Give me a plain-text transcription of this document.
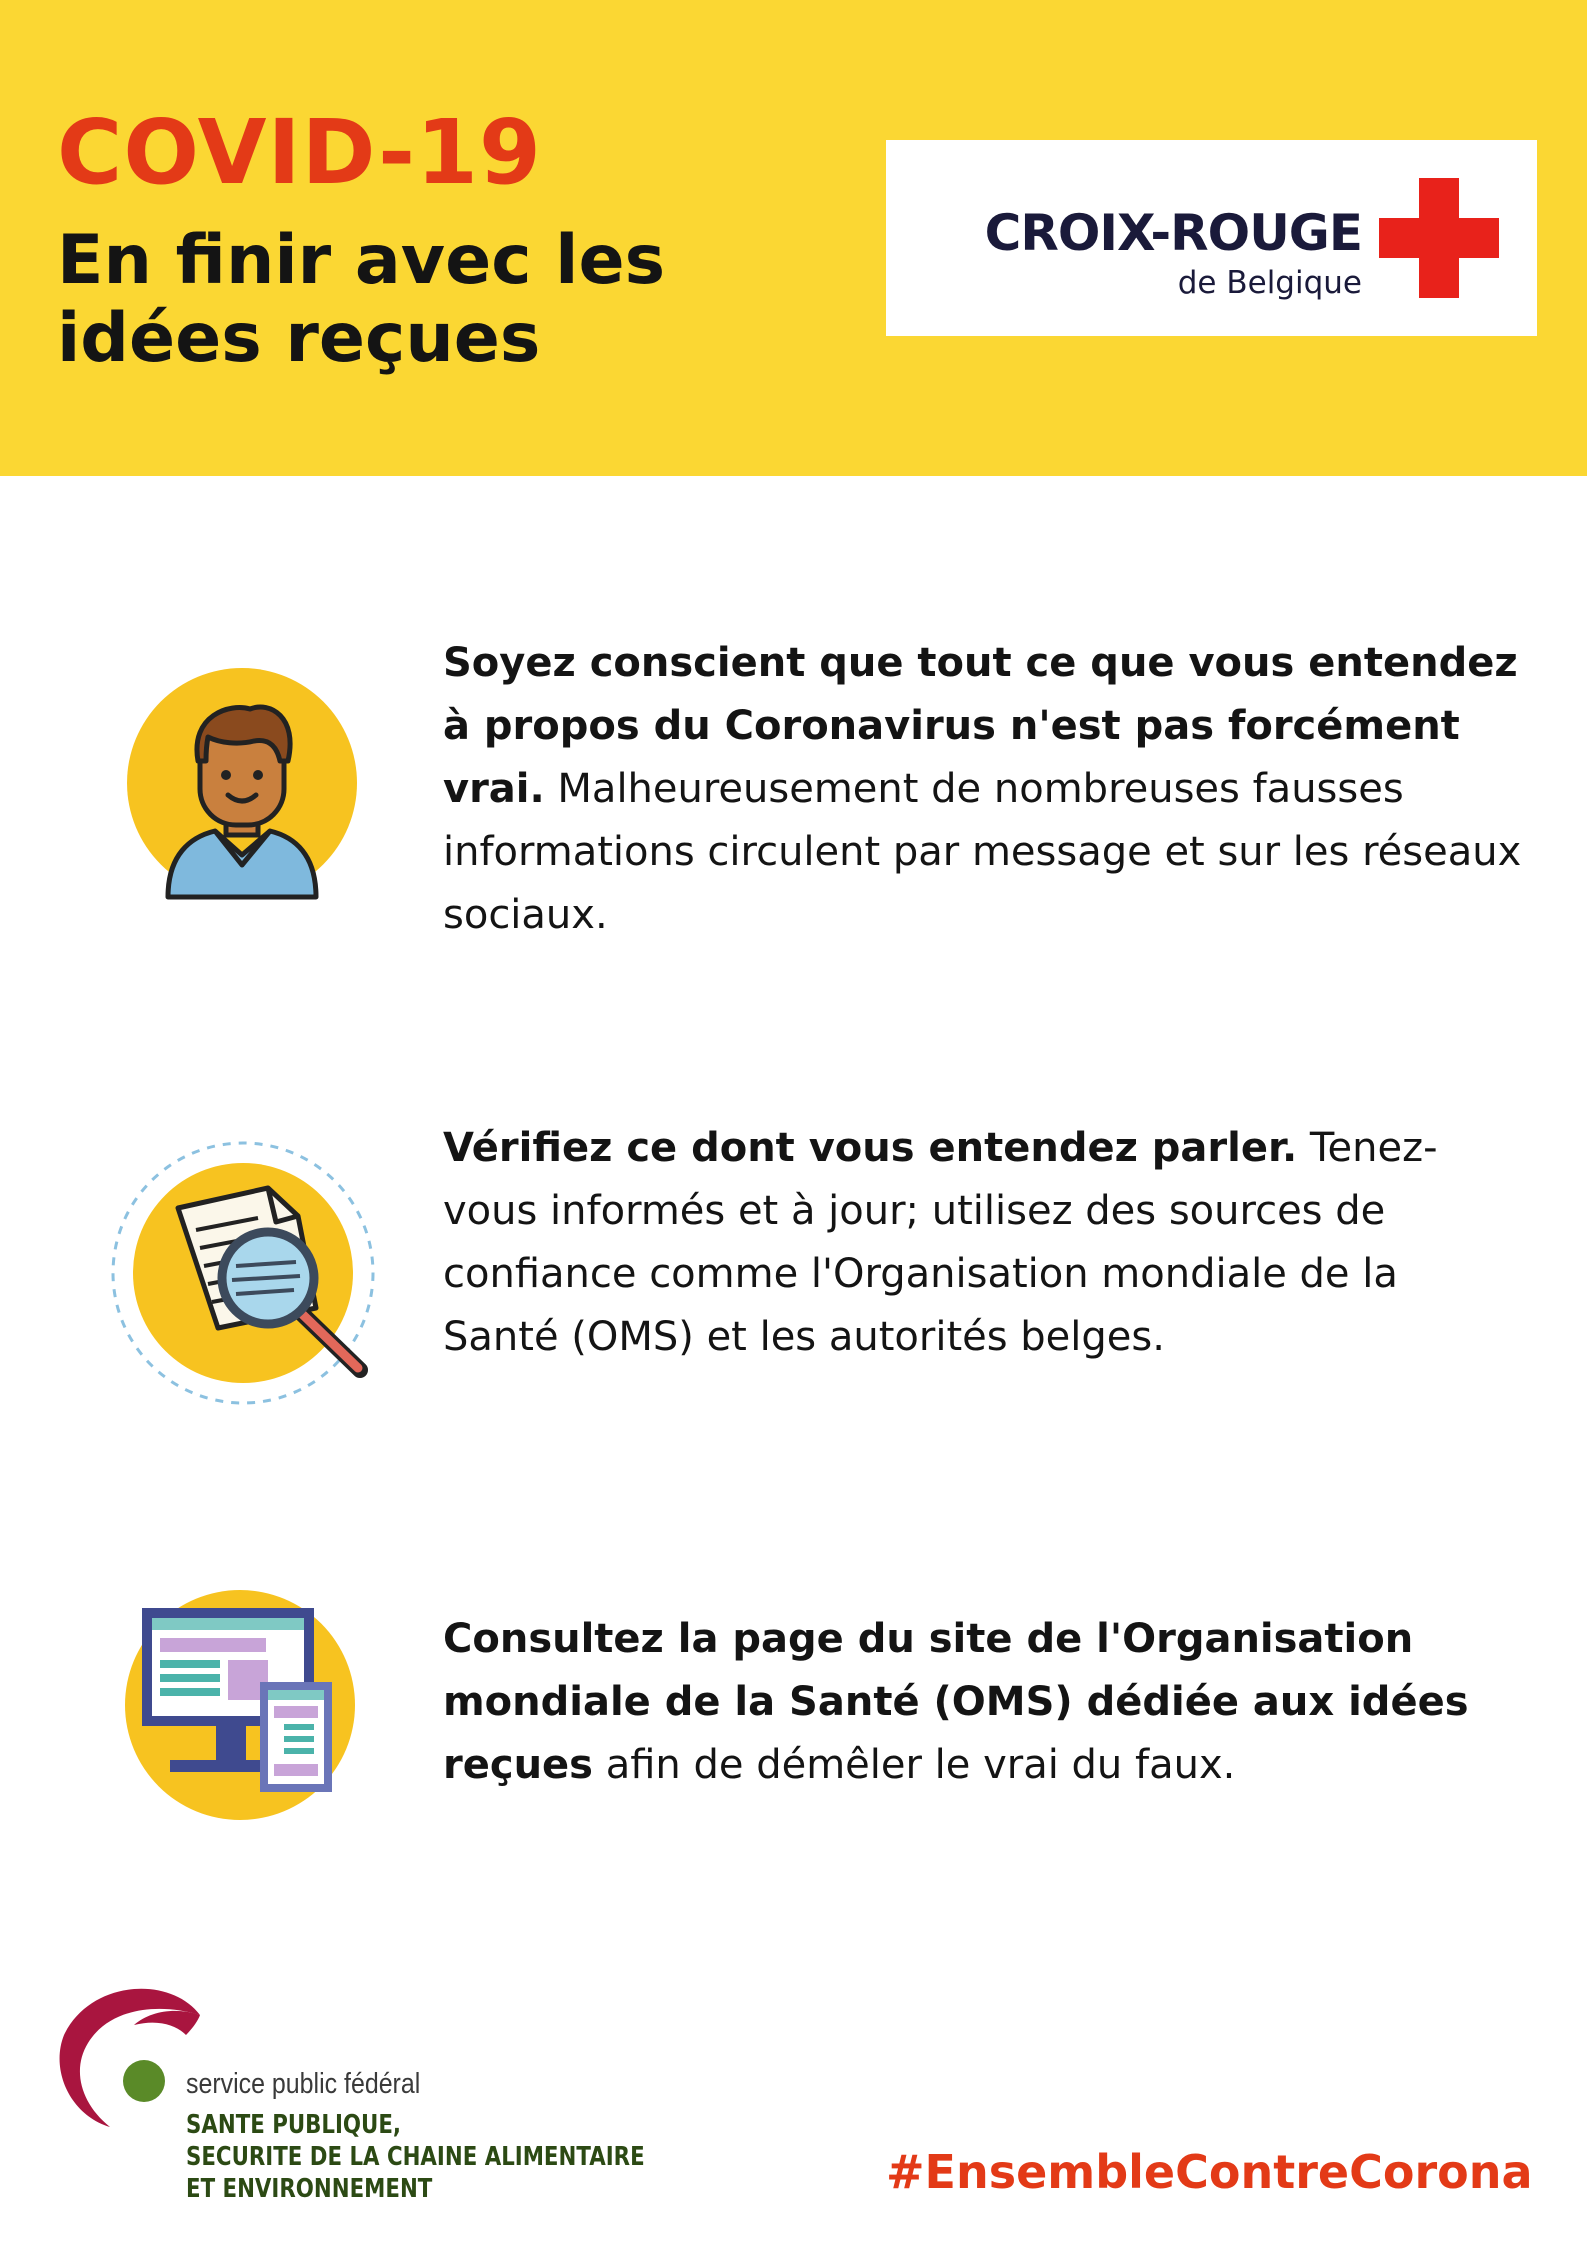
COVID-19
En finir avec les idées reçues
CROIX-ROUGE
de Belgique
Soyez conscient que tout ce que vous entendez à propos du Coronavirus n'est pas forcément vrai. Malheureusement de nombreuses fausses informations circulent par message et sur les réseaux sociaux.
Vérifiez ce dont vous entendez parler. Tenez-vous informés et à jour; utilisez des sources de confiance comme l'Organisation mondiale de la Santé (OMS) et les autorités belges.
Consultez la page du site de l'Organisation mondiale de la Santé (OMS) dédiée aux idées reçues afin de démêler le vrai du faux.
service public fédéral
SANTE PUBLIQUE,
SECURITE DE LA CHAINE ALIMENTAIRE
ET ENVIRONNEMENT	#EnsembleContreCorona
